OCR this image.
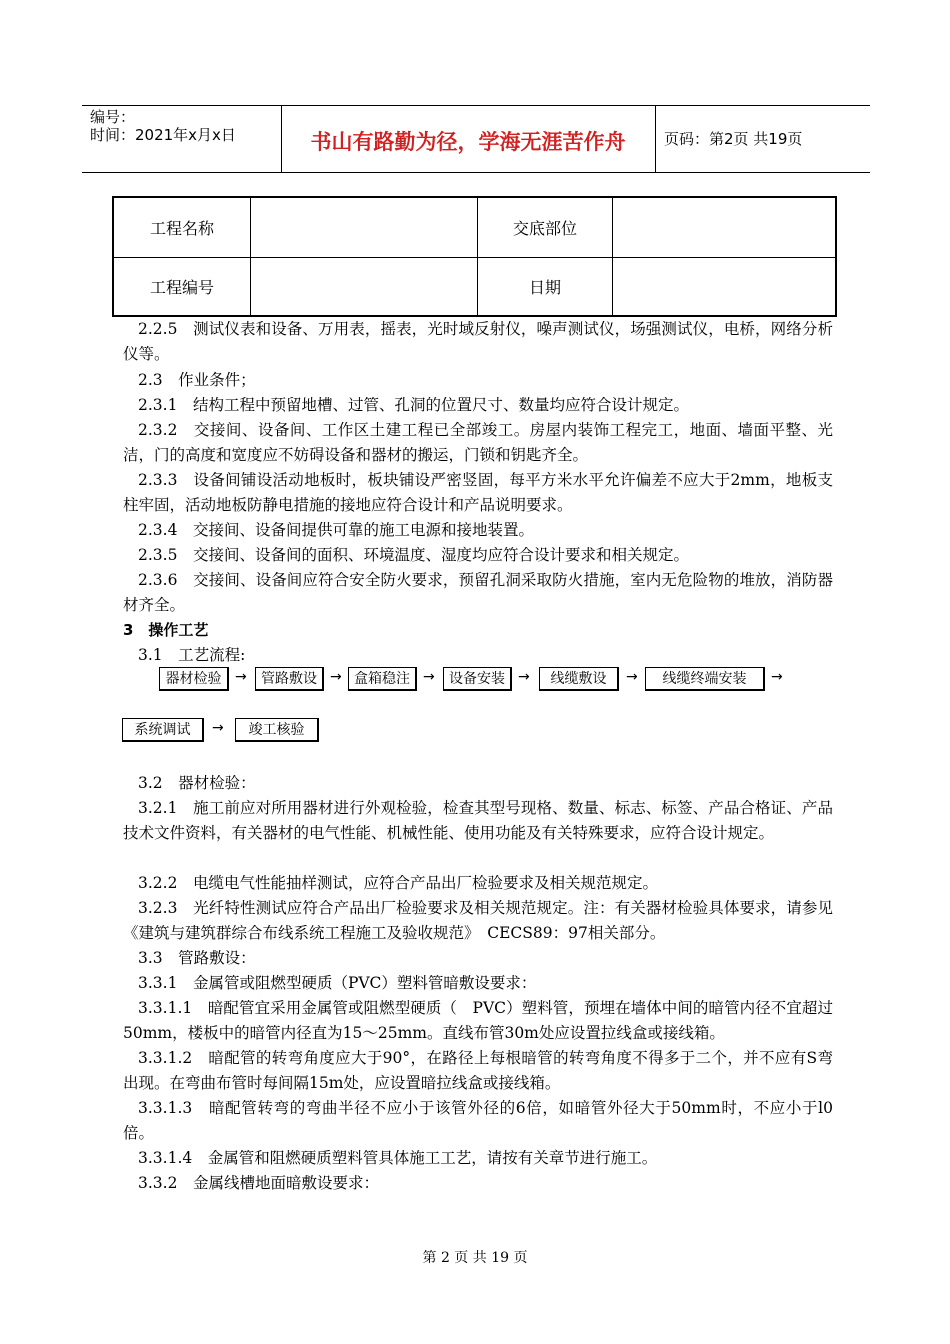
编号：
时间：2021年x月x日	书山有路勤为径，学海无涯苦作舟	页码：第2页 共19页
工程名称		交底部位	
工程编号		日期	
2.2.5　测试仪表和设备、万用表，摇表，光时域反射仪，噪声测试仪，场强测试仪，电桥，网络分析仪等。
2.3　作业条件；
2.3.1　结构工程中预留地槽、过管、孔洞的位置尺寸、数量均应符合设计规定。
2.3.2　交接间、设备间、工作区土建工程已全部竣工。房屋内装饰工程完工，地面、墙面平整、光洁，门的高度和宽度应不妨碍设备和器材的搬运，门锁和钥匙齐全。
2.3.3　设备间铺设活动地板时，板块铺设严密竖固，每平方米水平允许偏差不应大于2mm，地板支柱牢固，活动地板防静电措施的接地应符合设计和产品说明要求。
2.3.4　交接间、设备间提供可靠的施工电源和接地装置。
2.3.5　交接间、设备间的面积、环境温度、湿度均应符合设计要求和相关规定。
2.3.6　交接间、设备间应符合安全防火要求，预留孔洞采取防火措施，室内无危险物的堆放，消防器材齐全。
3　操作工艺
3.1　工艺流程:
器材检验 →	管路敷设 → 盒箱稳注 →	设备安装 →	线缆敷设	→	线缆终端安装	→
系统调试	→	竣工核验
3.2　器材检验：
3.2.1　施工前应对所用器材进行外观检验，检查其型号现格、数量、标志、标签、产品合格证、产品技术文件资料，有关器材的电气性能、机械性能、使用功能及有关特殊要求，应符合设计规定。
3.2.2　电缆电气性能抽样测试，应符合产品出厂检验要求及相关规范规定。
3.2.3　光纤特性测试应符合产品出厂检验要求及相关规范规定。注：有关器材检验具体要求，请参见《建筑与建筑群综合布线系统工程施工及验收规范》　CECS89：97相关部分。
3.3　管路敷设：
3.3.1　金属管或阻燃型硬质（PVC）塑料管暗敷设要求：
3.3.1.1　暗配管宜采用金属管或阻燃型硬质（　PVC）塑料管，预埋在墙体中间的暗管内径不宜超过50mm，楼板中的暗管内径直为15～25mm。直线布管30m处应设置拉线盒或接线箱。
3.3.1.2　暗配管的转弯角度应大于90°，在路径上每根暗管的转弯角度不得多于二个，并不应有S弯出现。在弯曲布管时每间隔15m处，应设置暗拉线盒或接线箱。
3.3.1.3　暗配管转弯的弯曲半径不应小于该管外径的6倍，如暗管外径大于50mm时，不应小于l0倍。
3.3.1.4　金属管和阻燃硬质塑料管具体施工工艺，请按有关章节进行施工。
3.3.2　金属线槽地面暗敷设要求：
第 2 页 共 19 页
